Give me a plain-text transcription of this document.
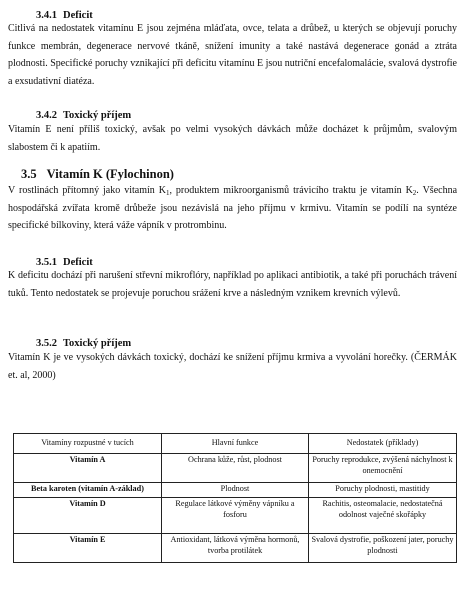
3.4.1 Deficit
Citlivá na nedostatek vitamínu E jsou zejména mláďata, ovce, telata a drůbež, u kterých se objevují poruchy funkce membrán, degenerace nervové tkáně, snížení imunity a také nastává degenerace gonád a ztráta plodnosti. Specifické poruchy vznikající při deficitu vitamínu E jsou nutriční encefalomalácie, svalová dystrofie a exsudativní diatéza.
3.4.2 Toxický příjem
Vitamín E není příliš toxický, avšak po velmi vysokých dávkách může docházet k průjmům, svalovým slabostem či k apatiím.
3.5 Vitamín K (Fylochinon)
V rostlinách přítomný jako vitamín $K_1$, produktem mikroorganismů trávicího traktu je vitamín $K_2$. Všechna hospodářská zvířata kromě drůbeže jsou nezávislá na jeho příjmu v krmivu. Vitamín se podílí na syntéze specifické bílkoviny, která váže vápník v protrombinu.
3.5.1 Deficit
K deficitu dochází při narušení střevní mikroflóry, například po aplikaci antibiotik, a také při poruchách trávení tuků. Tento nedostatek se projevuje poruchou srážení krve a následným vznikem krevních výlevů.
3.5.2 Toxický příjem
Vitamín K je ve vysokých dávkách toxický, dochází ke snížení příjmu krmiva a vyvolání horečky. (ČERMÁK et. al, 2000)
Vitamíny rozpustné v tucích	Hlavní funkce	Nedostatek (příklady)
Vitamín A	Ochrana kůže, růst, plodnost	Poruchy reprodukce, zvýšená náchylnost k onemocnění
Beta karoten (vitamín A-základ)	Plodnost	Poruchy plodnosti, mastitidy
Vitamín D	Regulace látkové výměny vápníku a fosforu	Rachitis, osteomalacie, nedostatečná odolnost vaječné skořápky
Vitamín E	Antioxidant, látková výměna hormonů, tvorba protilátek	Svalová dystrofie, poškození jater, poruchy plodnosti
